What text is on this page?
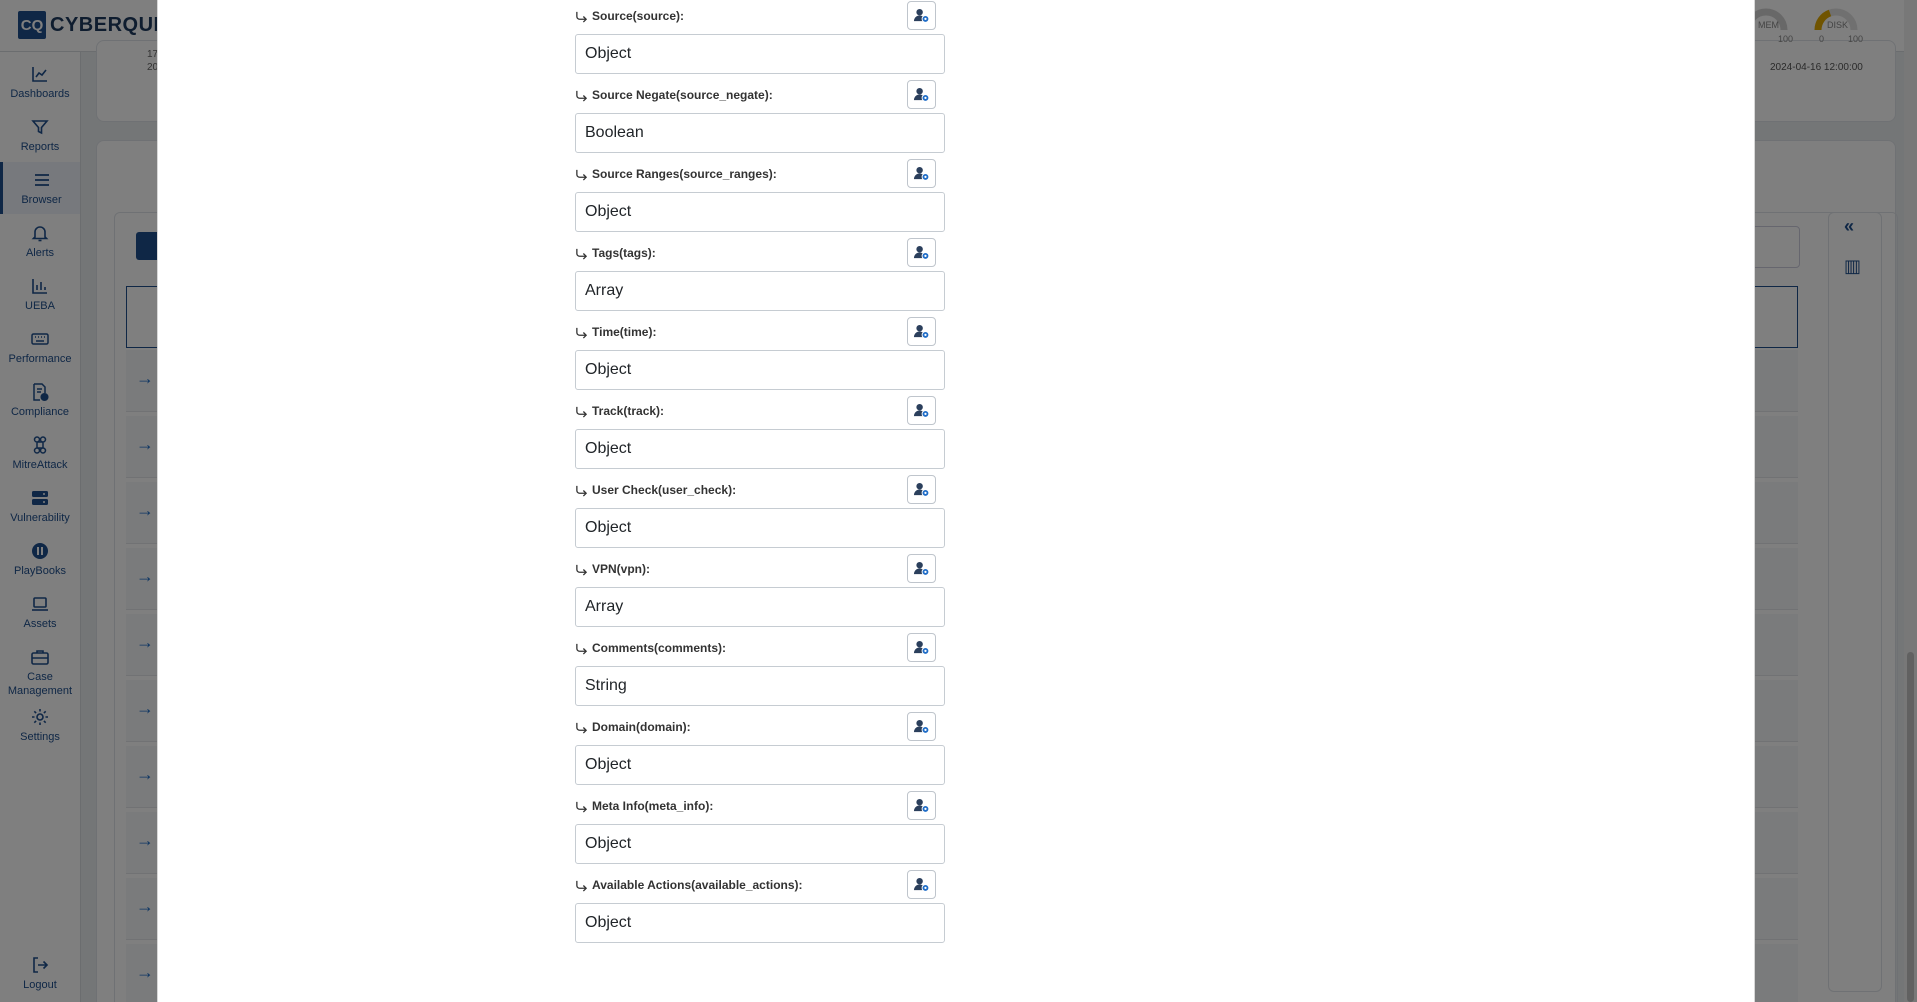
Source(source):
Object
Source Negate(source_negate):
Boolean
Source Ranges(source_ranges):
Object
Tags(tags):
Array
Time(time):
Object
Track(track):
Object
User Check(user_check):
Object
VPN(vpn):
Array
Comments(comments):
String
Domain(domain):
Object
Meta Info(meta_info):
Object
Available Actions(available_actions):
Object
